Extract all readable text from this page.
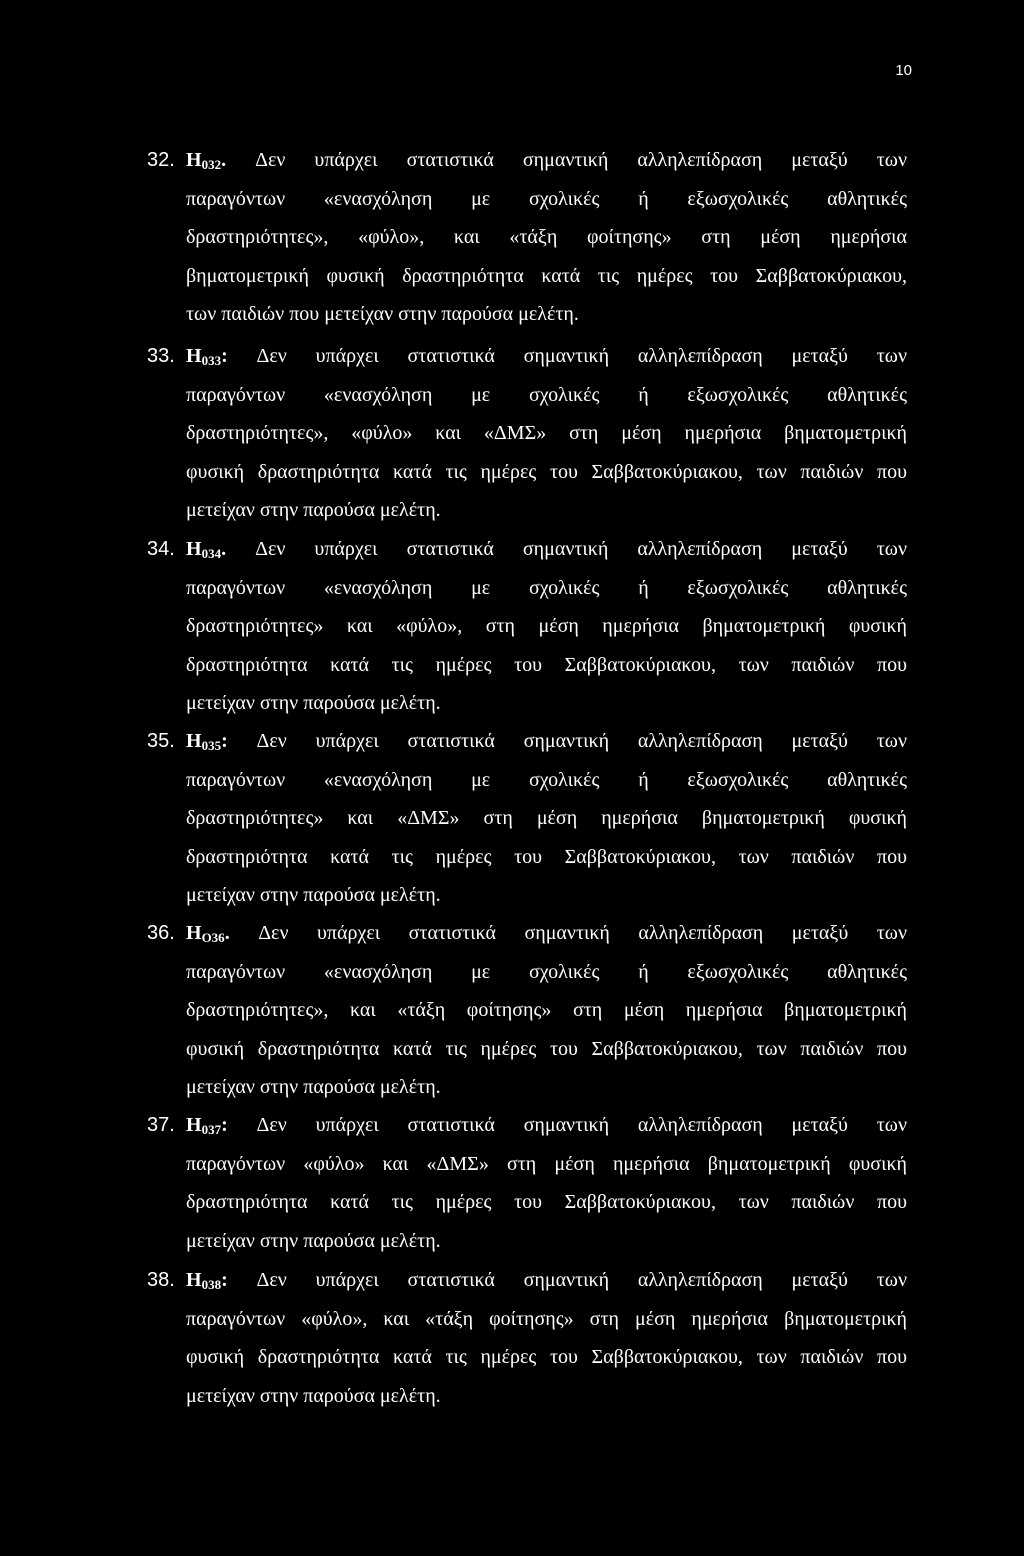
10
32. $H_{032}$. Δεν υπάρχει στατιστικά σημαντική αλληλεπίδραση μεταξύ των
παραγόντων «ενασχόληση με σχολικές ή εξωσχολικές αθλητικές
δραστηριότητες», «φύλο», και «τάξη φοίτησης» στη μέση ημερήσια
βηματομετρική φυσική δραστηριότητα κατά τις ημέρες του Σαββατοκύριακου,
των παιδιών που μετείχαν στην παρούσα μελέτη.
33. $H_{033}$: Δεν υπάρχει στατιστικά σημαντική αλληλεπίδραση μεταξύ των
παραγόντων «ενασχόληση με σχολικές ή εξωσχολικές αθλητικές
δραστηριότητες», «φύλο» και «ΔΜΣ» στη μέση ημερήσια βηματομετρική
φυσική δραστηριότητα κατά τις ημέρες του Σαββατοκύριακου, των παιδιών που
μετείχαν στην παρούσα μελέτη.
34. $H_{034}$. Δεν υπάρχει στατιστικά σημαντική αλληλεπίδραση μεταξύ των
παραγόντων «ενασχόληση με σχολικές ή εξωσχολικές αθλητικές
δραστηριότητες» και «φύλο», στη μέση ημερήσια βηματομετρική φυσική
δραστηριότητα κατά τις ημέρες του Σαββατοκύριακου, των παιδιών που
μετείχαν στην παρούσα μελέτη.
35. $H_{035}$: Δεν υπάρχει στατιστικά σημαντική αλληλεπίδραση μεταξύ των
παραγόντων «ενασχόληση με σχολικές ή εξωσχολικές αθλητικές
δραστηριότητες» και «ΔΜΣ» στη μέση ημερήσια βηματομετρική φυσική
δραστηριότητα κατά τις ημέρες του Σαββατοκύριακου, των παιδιών που
μετείχαν στην παρούσα μελέτη.
36. $H_{O36}$. Δεν υπάρχει στατιστικά σημαντική αλληλεπίδραση μεταξύ των
παραγόντων «ενασχόληση με σχολικές ή εξωσχολικές αθλητικές
δραστηριότητες», και «τάξη φοίτησης» στη μέση ημερήσια βηματομετρική
φυσική δραστηριότητα κατά τις ημέρες του Σαββατοκύριακου, των παιδιών που
μετείχαν στην παρούσα μελέτη.
37. $H_{037}$: Δεν υπάρχει στατιστικά σημαντική αλληλεπίδραση μεταξύ των
παραγόντων «φύλο» και «ΔΜΣ» στη μέση ημερήσια βηματομετρική φυσική
δραστηριότητα κατά τις ημέρες του Σαββατοκύριακου, των παιδιών που
μετείχαν στην παρούσα μελέτη.
38. $H_{038}$: Δεν υπάρχει στατιστικά σημαντική αλληλεπίδραση μεταξύ των
παραγόντων «φύλο», και «τάξη φοίτησης» στη μέση ημερήσια βηματομετρική
φυσική δραστηριότητα κατά τις ημέρες του Σαββατοκύριακου, των παιδιών που
μετείχαν στην παρούσα μελέτη.
